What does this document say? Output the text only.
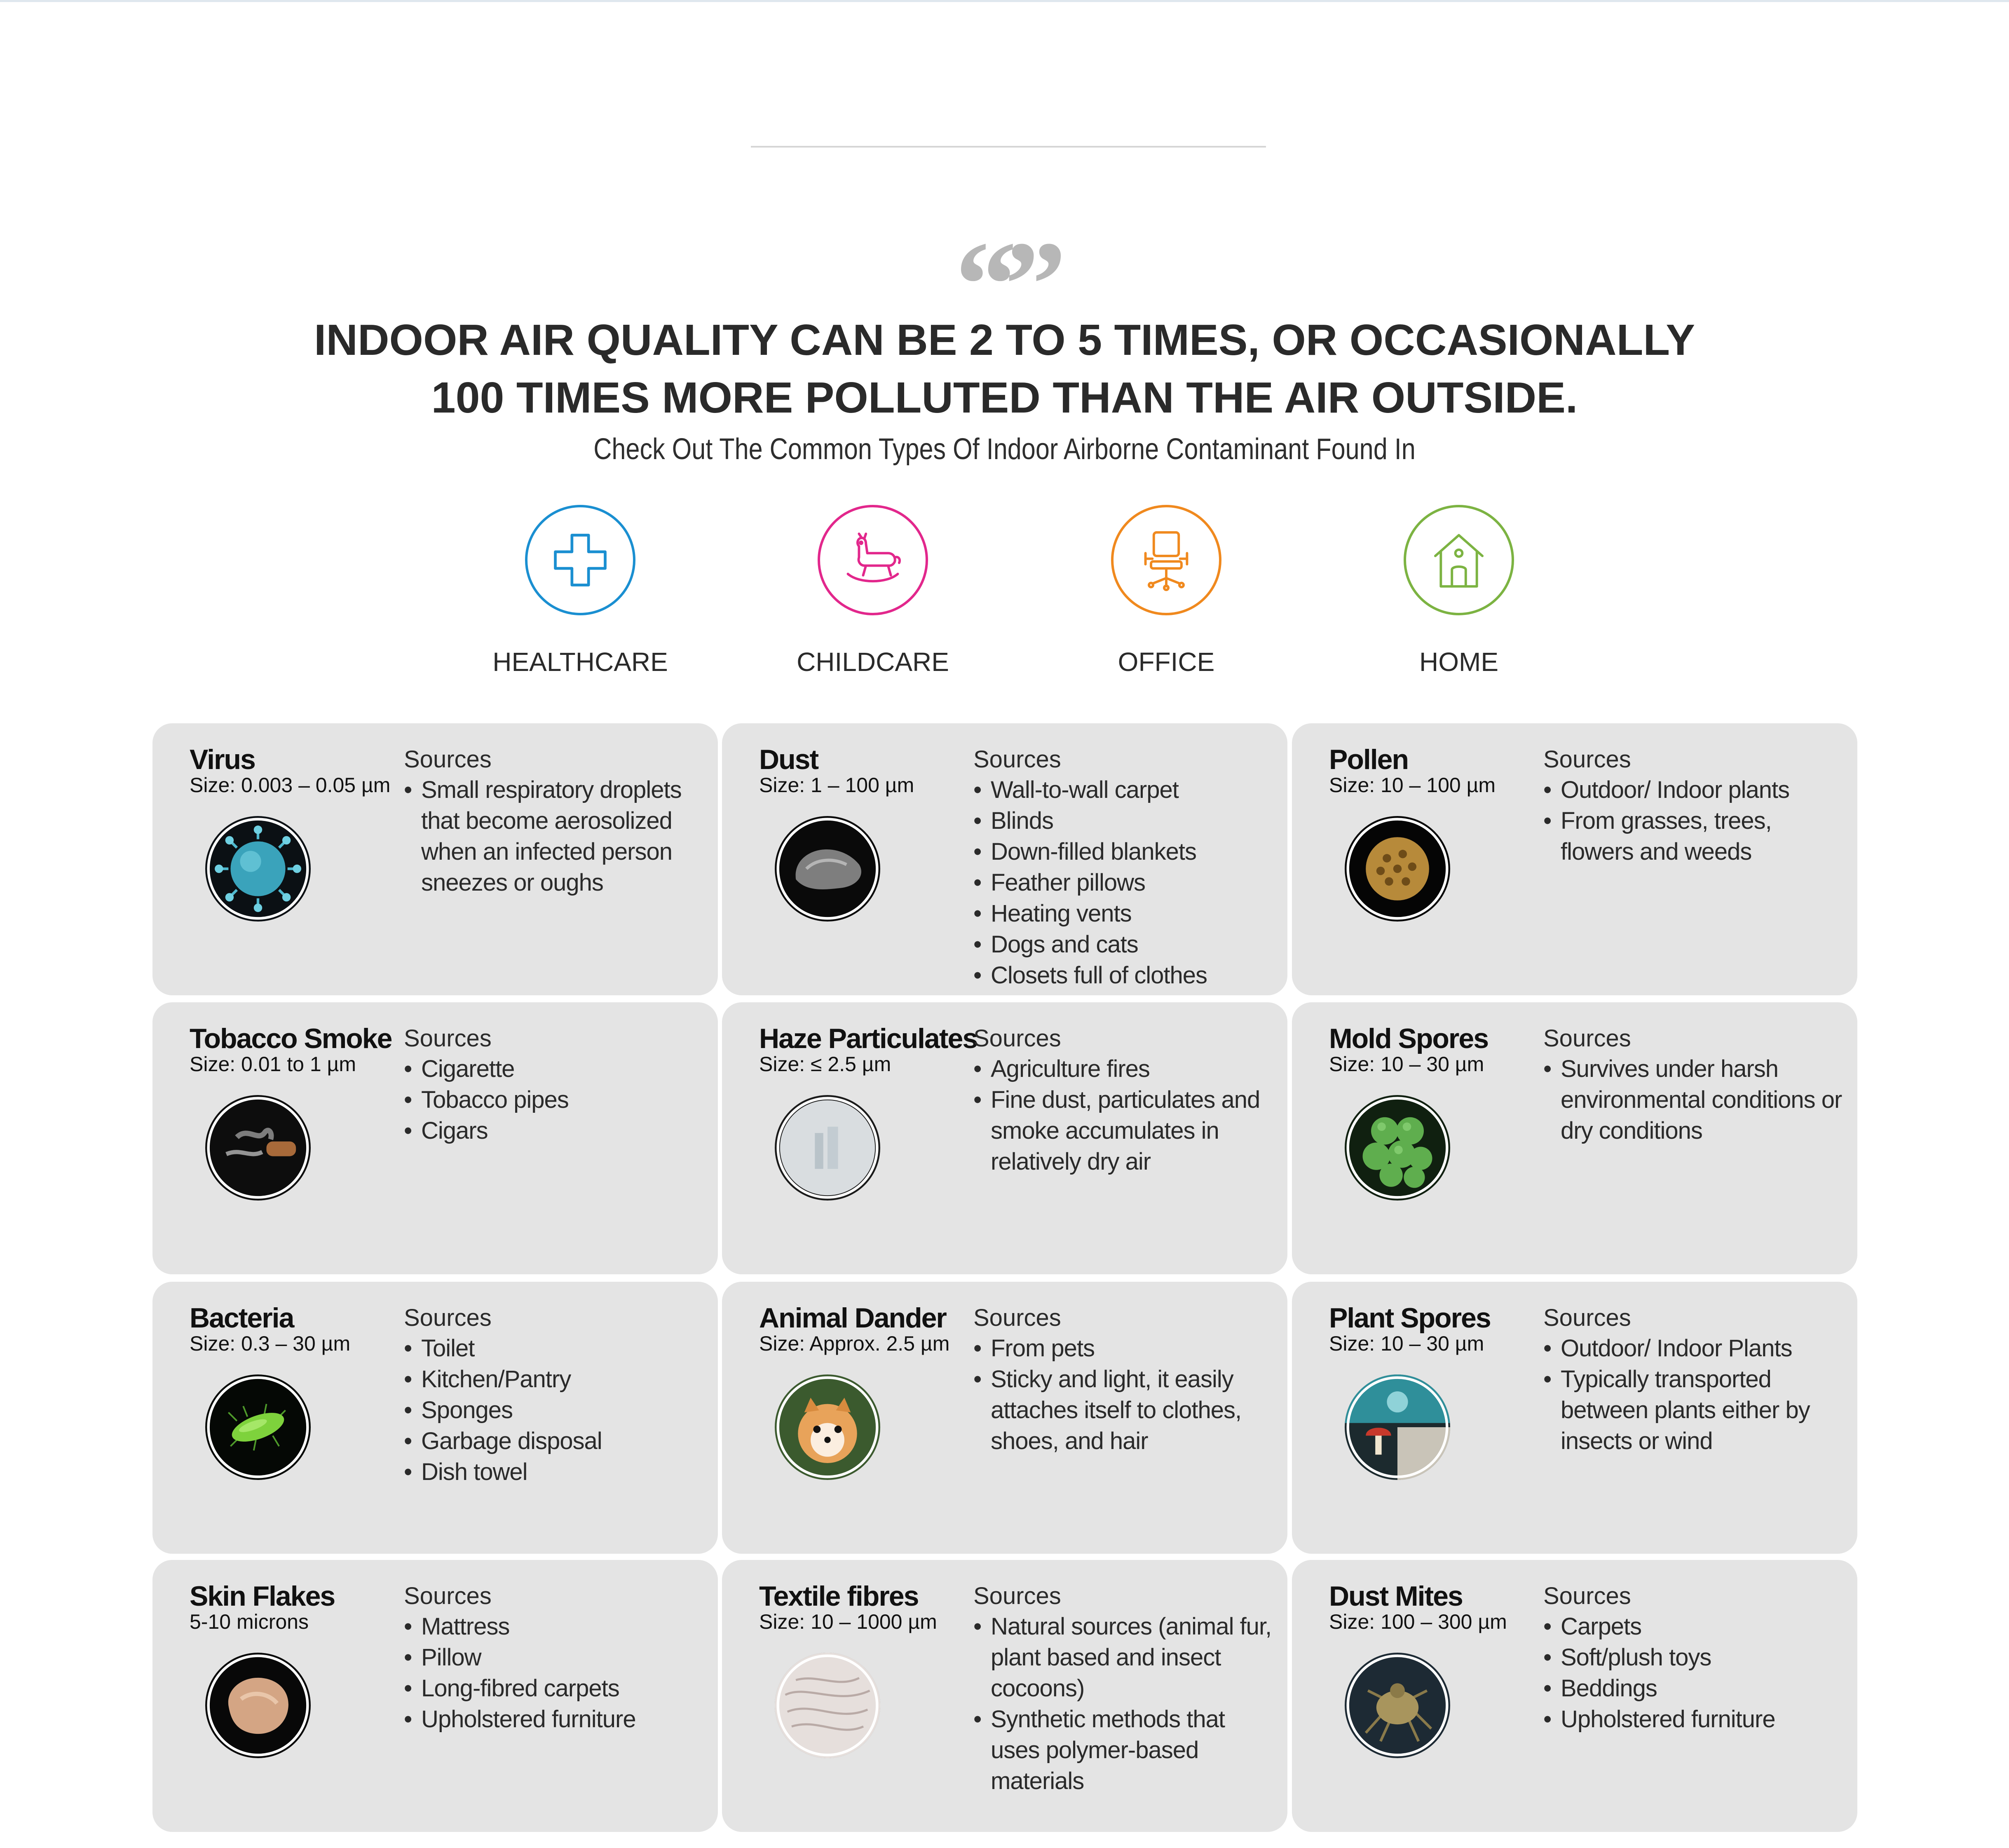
“”
INDOOR AIR QUALITY CAN BE 2 TO 5 TIMES, OR OCCASIONALLY
100 TIMES MORE POLLUTED THAN THE AIR OUTSIDE.
Check Out The Common Types Of Indoor Airborne Contaminant Found In
HEALTHCARE	CHILDCARE	OFFICE	HOME
Virus
Size: 0.003 – 0.05 µm
Sources
• Small respiratory droplets that become aerosolized when an infected person sneezes or oughs
Dust
Size: 1 – 100 µm
Sources
• Wall-to-wall carpet
• Blinds
• Down-filled blankets
• Feather pillows
• Heating vents
• Dogs and cats
• Closets full of clothes
Pollen
Size: 10 – 100 µm
Sources
• Outdoor/ Indoor plants
• From grasses, trees, flowers and weeds
Tobacco Smoke
Size: 0.01 to 1 µm
Sources
• Cigarette
• Tobacco pipes
• Cigars
Haze Particulates
Size: ≤ 2.5 µm
Sources
• Agriculture fires
• Fine dust, particulates and smoke accumulates in relatively dry air
Mold Spores
Size: 10 – 30 µm
Sources
• Survives under harsh environmental conditions or dry conditions
Bacteria
Size: 0.3 – 30 µm
Sources
• Toilet
• Kitchen/Pantry
• Sponges
• Garbage disposal
• Dish towel
Animal Dander
Size: Approx. 2.5 µm
Sources
• From pets
• Sticky and light, it easily attaches itself to clothes, shoes, and hair
Plant Spores
Size: 10 – 30 µm
Sources
• Outdoor/ Indoor Plants
• Typically transported between plants either by insects or wind
Skin Flakes
5-10 microns
Sources
• Mattress
• Pillow
• Long-fibred carpets
• Upholstered furniture
Textile fibres
Size: 10 – 1000 µm
Sources
• Natural sources (animal fur, plant based and insect cocoons)
• Synthetic methods that uses polymer-based materials
Dust Mites
Size: 100 – 300 µm
Sources
• Carpets
• Soft/plush toys
• Beddings
• Upholstered furniture
